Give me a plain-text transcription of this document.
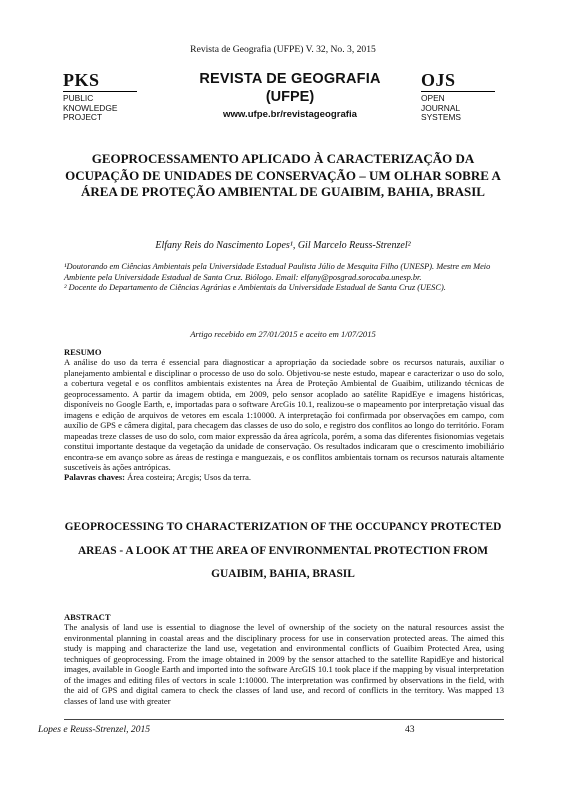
Revista de Geografia (UFPE) V. 32, No. 3, 2015
PKS
PUBLIC
KNOWLEDGE
PROJECT
REVISTA DE GEOGRAFIA
(UFPE)
www.ufpe.br/revistageografia
OJS
OPEN
JOURNAL
SYSTEMS
GEOPROCESSAMENTO APLICADO À CARACTERIZAÇÃO DA OCUPAÇÃO DE UNIDADES DE CONSERVAÇÃO – UM OLHAR SOBRE A ÁREA DE PROTEÇÃO AMBIENTAL DE GUAIBIM, BAHIA, BRASIL
Elfany Reis do Nascimento Lopes¹, Gil Marcelo Reuss-Strenzel²
¹Doutorando em Ciências Ambientais pela Universidade Estadual Paulista Júlio de Mesquita Filho (UNESP). Mestre em Meio Ambiente pela Universidade Estadual de Santa Cruz. Biólogo. Email: elfany@posgrad.sorocaba.unesp.br.
² Docente do Departamento de Ciências Agrárias e Ambientais da Universidade Estadual de Santa Cruz (UESC).
Artigo recebido em 27/01/2015 e aceito em 1/07/2015
RESUMO
A análise do uso da terra é essencial para diagnosticar a apropriação da sociedade sobre os recursos naturais, auxiliar o planejamento ambiental e disciplinar o processo de uso do solo. Objetivou-se neste estudo, mapear e caracterizar o uso do solo, a cobertura vegetal e os conflitos ambientais existentes na Área de Proteção Ambiental de Guaibim, utilizando técnicas de geoprocessamento. A partir da imagem obtida, em 2009, pelo sensor acoplado ao satélite RapidEye e imagens históricas, disponíveis no Google Earth, e, importadas para o software ArcGis 10.1, realizou-se o mapeamento por interpretação visual das imagens e edição de arquivos de vetores em escala 1:10000. A interpretação foi confirmada por observações em campo, com auxílio de GPS e câmera digital, para checagem das classes de uso do solo, e registro dos conflitos ao longo do território. Foram mapeadas treze classes de uso do solo, com maior expressão da área agrícola, porém, a soma das diferentes fisionomias vegetais constitui importante destaque da vegetação da unidade de conservação. Os resultados indicaram que o crescimento imobiliário encontra-se em avanço sobre as áreas de restinga e manguezais, e os conflitos ambientais tornam os recursos naturais altamente suscetíveis às ações antrópicas.
Palavras chaves: Área costeira; Arcgis; Usos da terra.
GEOPROCESSING TO CHARACTERIZATION OF THE OCCUPANCY PROTECTED AREAS - A LOOK AT THE AREA OF ENVIRONMENTAL PROTECTION FROM GUAIBIM, BAHIA, BRASIL
ABSTRACT
The analysis of land use is essential to diagnose the level of ownership of the society on the natural resources assist the environmental planning in coastal areas and the disciplinary process for use in conservation protected areas. The aimed this study is mapping and characterize the land use, vegetation and environmental conflicts of Guaibim Protected Area, using techniques of geoprocessing. From the image obtained in 2009 by the sensor attached to the satellite RapidEye and historical images, available in Google Earth and imported into the software ArcGIS 10.1 took place if the mapping by visual interpretation of the images and editing files of vectors in scale 1:10000. The interpretation was confirmed by observations in the field, with the aid of GPS and digital camera to check the classes of land use, and record of conflicts in the territory. Was mapped 13 classes of land use with greater
Lopes e Reuss-Strenzel, 2015	43
